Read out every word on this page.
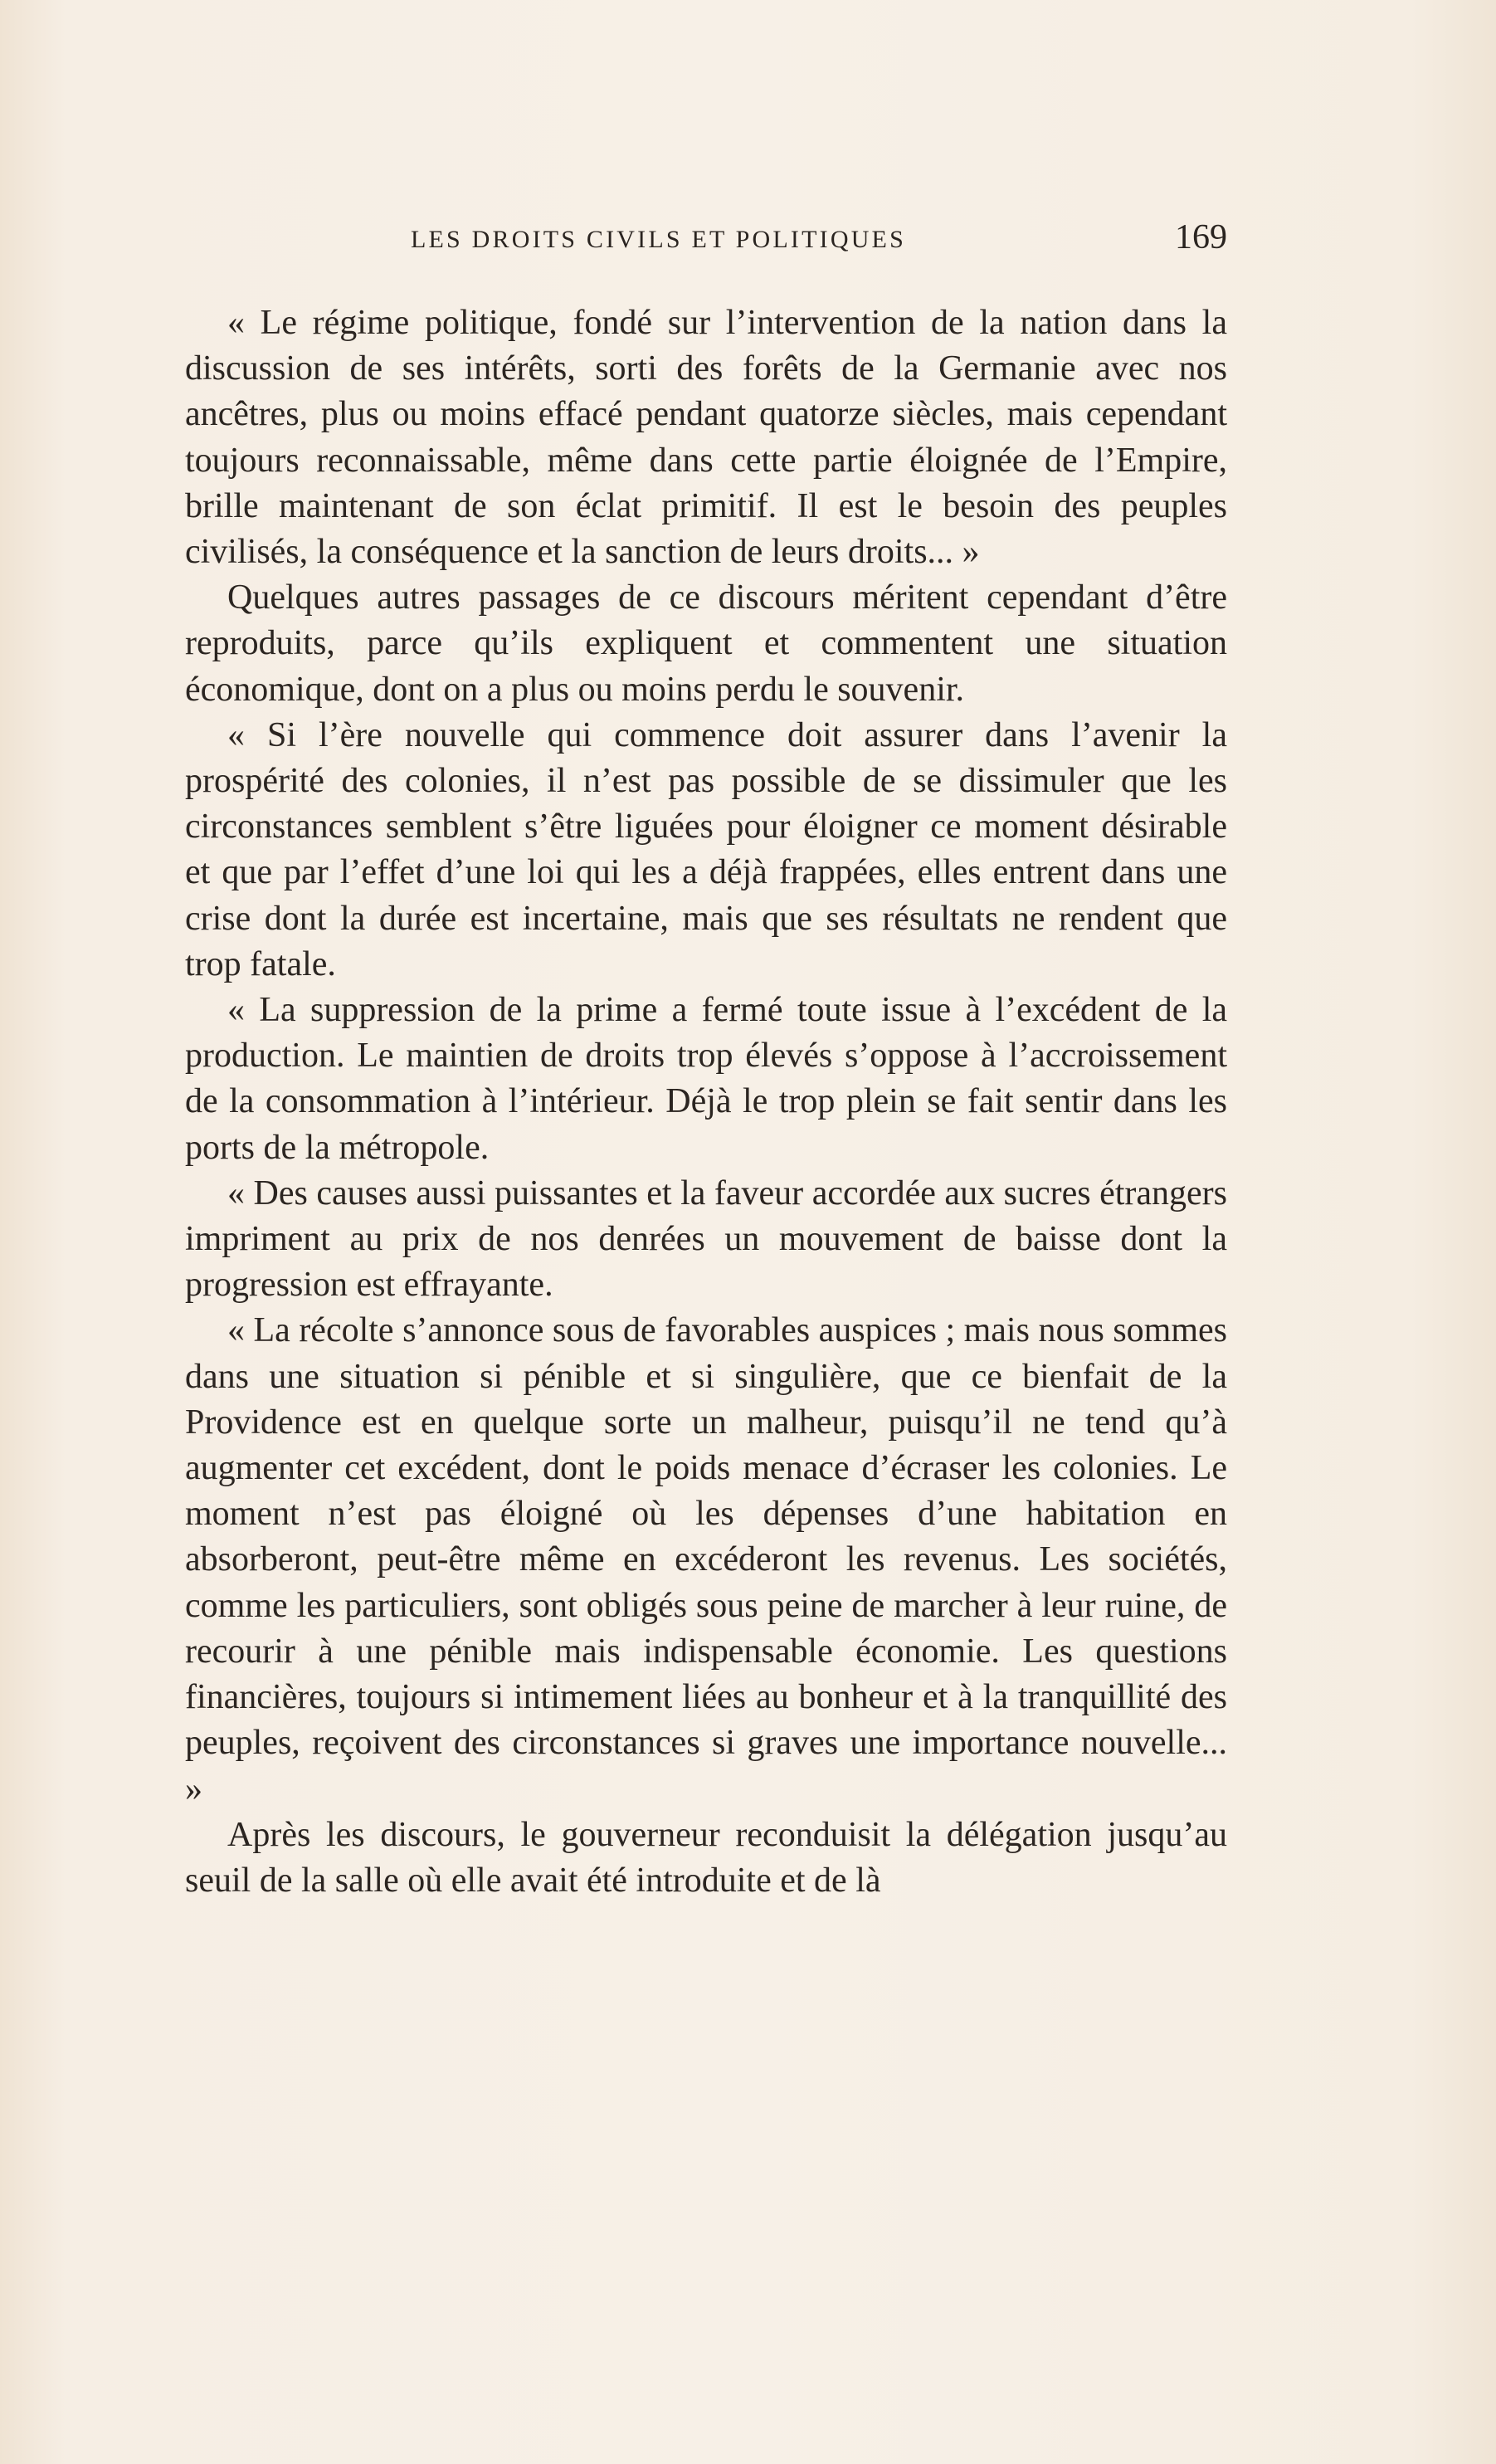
LES DROITS CIVILS ET POLITIQUES	169

« Le régime politique, fondé sur l’intervention de la nation dans la discussion de ses intérêts, sorti des forêts de la Germanie avec nos ancêtres, plus ou moins effacé pendant quatorze siècles, mais cependant toujours reconnaissable, même dans cette partie éloignée de l’Empire, brille maintenant de son éclat primitif. Il est le besoin des peuples civilisés, la conséquence et la sanction de leurs droits... »

Quelques autres passages de ce discours méritent cependant d’être reproduits, parce qu’ils expliquent et commentent une situation économique, dont on a plus ou moins perdu le souvenir.

« Si l’ère nouvelle qui commence doit assurer dans l’avenir la prospérité des colonies, il n’est pas possible de se dissimuler que les circonstances semblent s’être liguées pour éloigner ce moment désirable et que par l’effet d’une loi qui les a déjà frappées, elles entrent dans une crise dont la durée est incertaine, mais que ses résultats ne rendent que trop fatale.

« La suppression de la prime a fermé toute issue à l’excédent de la production. Le maintien de droits trop élevés s’oppose à l’accroissement de la consommation à l’intérieur. Déjà le trop plein se fait sentir dans les ports de la métropole.

« Des causes aussi puissantes et la faveur accordée aux sucres étrangers impriment au prix de nos denrées un mouvement de baisse dont la progression est effrayante.

« La récolte s’annonce sous de favorables auspices ; mais nous sommes dans une situation si pénible et si singulière, que ce bienfait de la Providence est en quelque sorte un malheur, puisqu’il ne tend qu’à augmenter cet excédent, dont le poids menace d’écraser les colonies. Le moment n’est pas éloigné où les dépenses d’une habitation en absorberont, peut-être même en excéderont les revenus. Les sociétés, comme les particuliers, sont obligés sous peine de marcher à leur ruine, de recourir à une pénible mais indispensable économie. Les questions financières, toujours si intimement liées au bonheur et à la tranquillité des peuples, reçoivent des circonstances si graves une importance nouvelle... »

Après les discours, le gouverneur reconduisit la délégation jusqu’au seuil de la salle où elle avait été introduite et de là
